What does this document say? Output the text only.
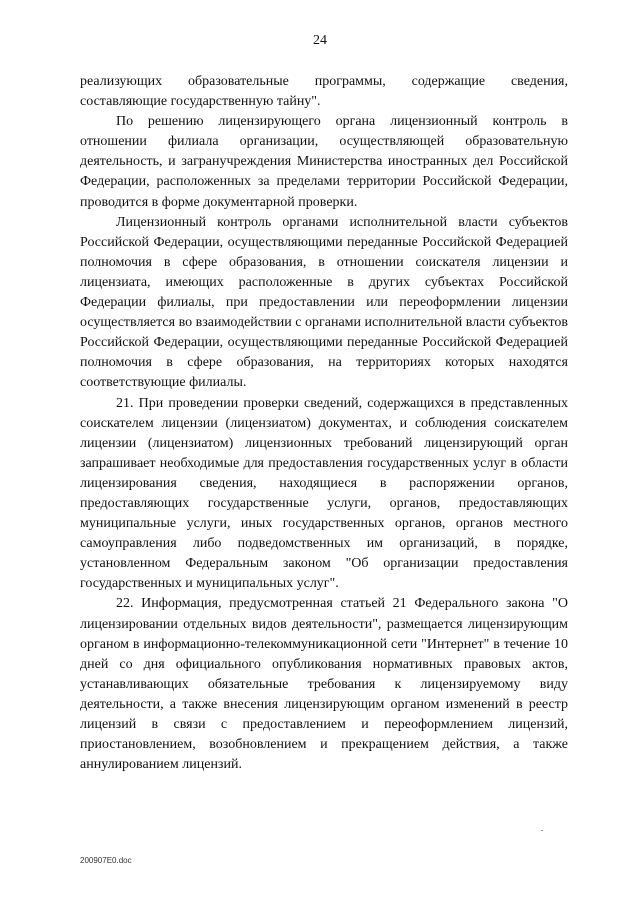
24

реализующих образовательные программы, содержащие сведения, составляющие государственную тайну".

По решению лицензирующего органа лицензионный контроль в отношении филиала организации, осуществляющей образовательную деятельность, и загранучреждения Министерства иностранных дел Российской Федерации, расположенных за пределами территории Российской Федерации, проводится в форме документарной проверки.

Лицензионный контроль органами исполнительной власти субъектов Российской Федерации, осуществляющими переданные Российской Федерацией полномочия в сфере образования, в отношении соискателя лицензии и лицензиата, имеющих расположенные в других субъектах Российской Федерации филиалы, при предоставлении или переоформлении лицензии осуществляется во взаимодействии с органами исполнительной власти субъектов Российской Федерации, осуществляющими переданные Российской Федерацией полномочия в сфере образования, на территориях которых находятся соответствующие филиалы.

21. При проведении проверки сведений, содержащихся в представленных соискателем лицензии (лицензиатом) документах, и соблюдения соискателем лицензии (лицензиатом) лицензионных требований лицензирующий орган запрашивает необходимые для предоставления государственных услуг в области лицензирования сведения, находящиеся в распоряжении органов, предоставляющих государственные услуги, органов, предоставляющих муниципальные услуги, иных государственных органов, органов местного самоуправления либо подведомственных им организаций, в порядке, установленном Федеральным законом "Об организации предоставления государственных и муниципальных услуг".

22. Информация, предусмотренная статьей 21 Федерального закона "О лицензировании отдельных видов деятельности", размещается лицензирующим органом в информационно-телекоммуникационной сети "Интернет" в течение 10 дней со дня официального опубликования нормативных правовых актов, устанавливающих обязательные требования к лицензируемому виду деятельности, а также внесения лицензирующим органом изменений в реестр лицензий в связи с предоставлением и переоформлением лицензий, приостановлением, возобновлением и прекращением действия, а также аннулированием лицензий.

200907E0.doc
